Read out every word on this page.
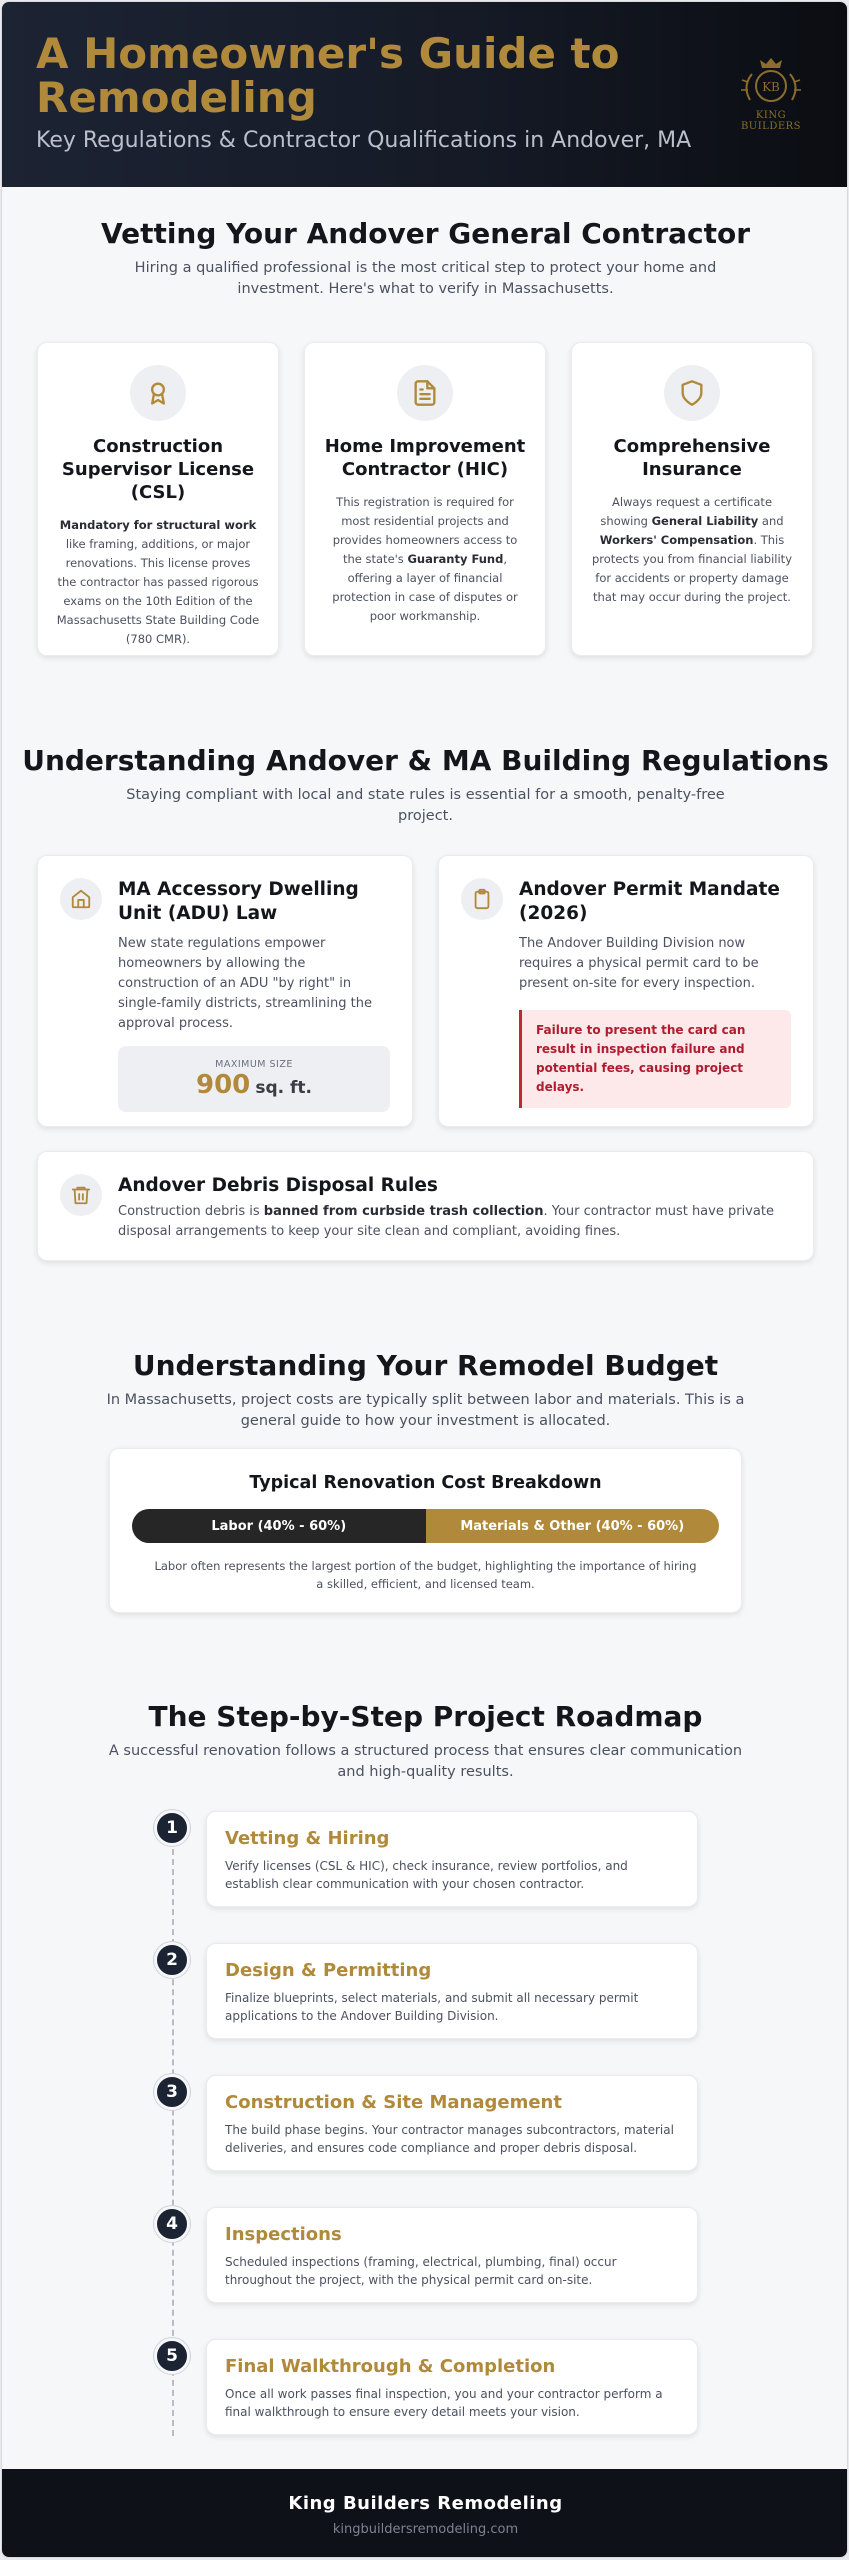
A Homeowner's Guide to Remodeling
Key Regulations & Contractor Qualifications in Andover, MA
KB
KING BUILDERS
Vetting Your Andover General Contractor

Hiring a qualified professional is the most critical step to protect your home and investment. Here's what to verify in Massachusetts.

Construction Supervisor License (CSL)

Mandatory for structural work like framing, additions, or major renovations. This license proves the contractor has passed rigorous exams on the 10th Edition of the Massachusetts State Building Code (780 CMR).

Home Improvement Contractor (HIC)

This registration is required for most residential projects and provides homeowners access to the state's Guaranty Fund, offering a layer of financial protection in case of disputes or poor workmanship.

Comprehensive Insurance

Always request a certificate showing General Liability and Workers' Compensation. This protects you from financial liability for accidents or property damage that may occur during the project.

Understanding Andover & MA Building Regulations

Staying compliant with local and state rules is essential for a smooth, penalty-free project.

MA Accessory Dwelling Unit (ADU) Law

New state regulations empower homeowners by allowing the construction of an ADU "by right" in single-family districts, streamlining the approval process.

MAXIMUM SIZE
900 sq. ft.
Andover Permit Mandate (2026)

The Andover Building Division now requires a physical permit card to be present on-site for every inspection.

Failure to present the card can result in inspection failure and potential fees, causing project delays.
Andover Debris Disposal Rules

Construction debris is banned from curbside trash collection. Your contractor must have private disposal arrangements to keep your site clean and compliant, avoiding fines.

Understanding Your Remodel Budget

In Massachusetts, project costs are typically split between labor and materials. This is a general guide to how your investment is allocated.

Typical Renovation Cost Breakdown
Labor (40% - 60%)	Materials & Other (40% - 60%)

Labor often represents the largest portion of the budget, highlighting the importance of hiring a skilled, efficient, and licensed team.

The Step-by-Step Project Roadmap

A successful renovation follows a structured process that ensures clear communication and high-quality results.

1	Vetting & Hiring

Verify licenses (CSL & HIC), check insurance, review portfolios, and establish clear communication with your chosen contractor.

2	Design & Permitting

Finalize blueprints, select materials, and submit all necessary permit applications to the Andover Building Division.

3	Construction & Site Management

The build phase begins. Your contractor manages subcontractors, material deliveries, and ensures code compliance and proper debris disposal.

4	Inspections

Scheduled inspections (framing, electrical, plumbing, final) occur throughout the project, with the physical permit card on-site.

5	Final Walkthrough & Completion

Once all work passes final inspection, you and your contractor perform a final walkthrough to ensure every detail meets your vision.

King Builders Remodeling
kingbuildersremodeling.com
